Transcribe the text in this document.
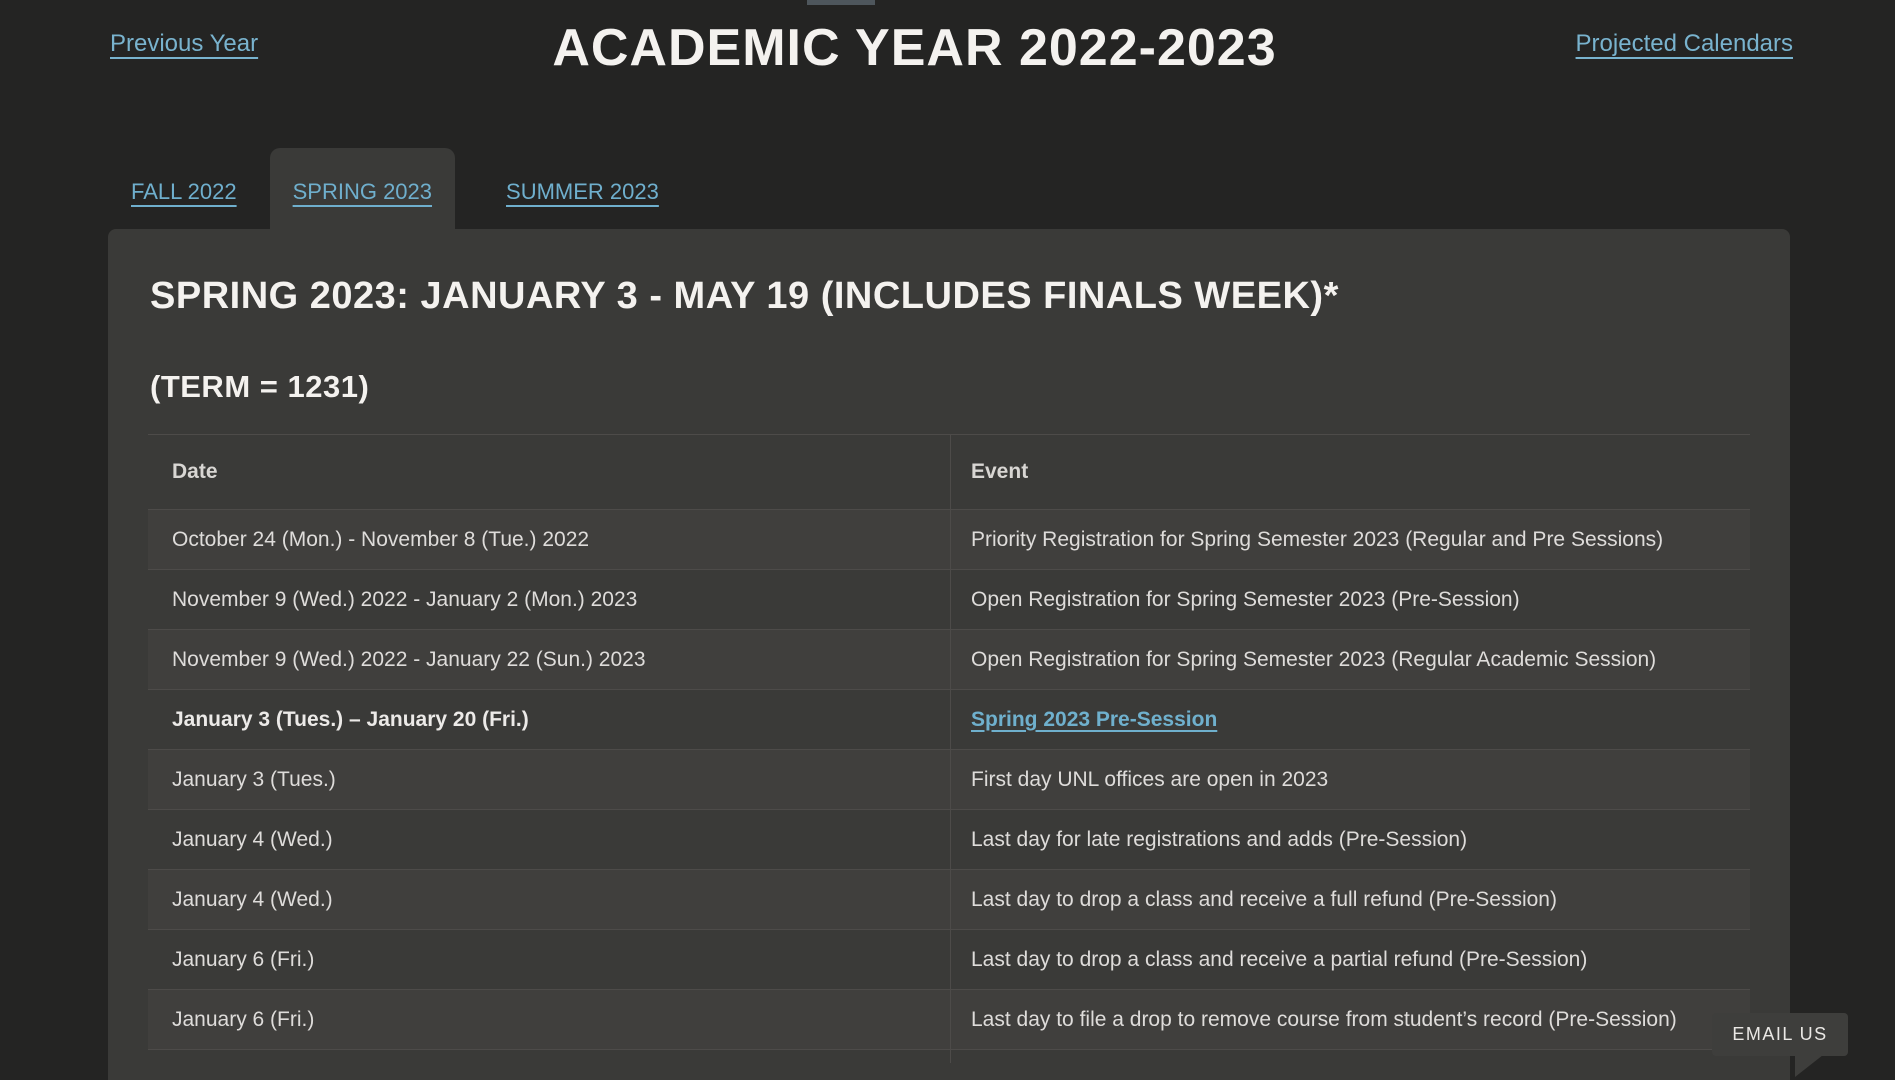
Previous Year	ACADEMIC YEAR 2022-2023	Projected Calendars
FALL 2022	SPRING 2023	SUMMER 2023
SPRING 2023: JANUARY 3 - MAY 19 (INCLUDES FINALS WEEK)*
(TERM = 1231)
Date	Event
October 24 (Mon.) - November 8 (Tue.) 2022	Priority Registration for Spring Semester 2023 (Regular and Pre Sessions)
November 9 (Wed.) 2022 - January 2 (Mon.) 2023	Open Registration for Spring Semester 2023 (Pre-Session)
November 9 (Wed.) 2022 - January 22 (Sun.) 2023	Open Registration for Spring Semester 2023 (Regular Academic Session)
January 3 (Tues.) – January 20 (Fri.)	Spring 2023 Pre-Session
January 3 (Tues.)	First day UNL offices are open in 2023
January 4 (Wed.)	Last day for late registrations and adds (Pre-Session)
January 4 (Wed.)	Last day to drop a class and receive a full refund (Pre-Session)
January 6 (Fri.)	Last day to drop a class and receive a partial refund (Pre-Session)
January 6 (Fri.)	Last day to file a drop to remove course from student’s record (Pre-Session)
EMAIL US
